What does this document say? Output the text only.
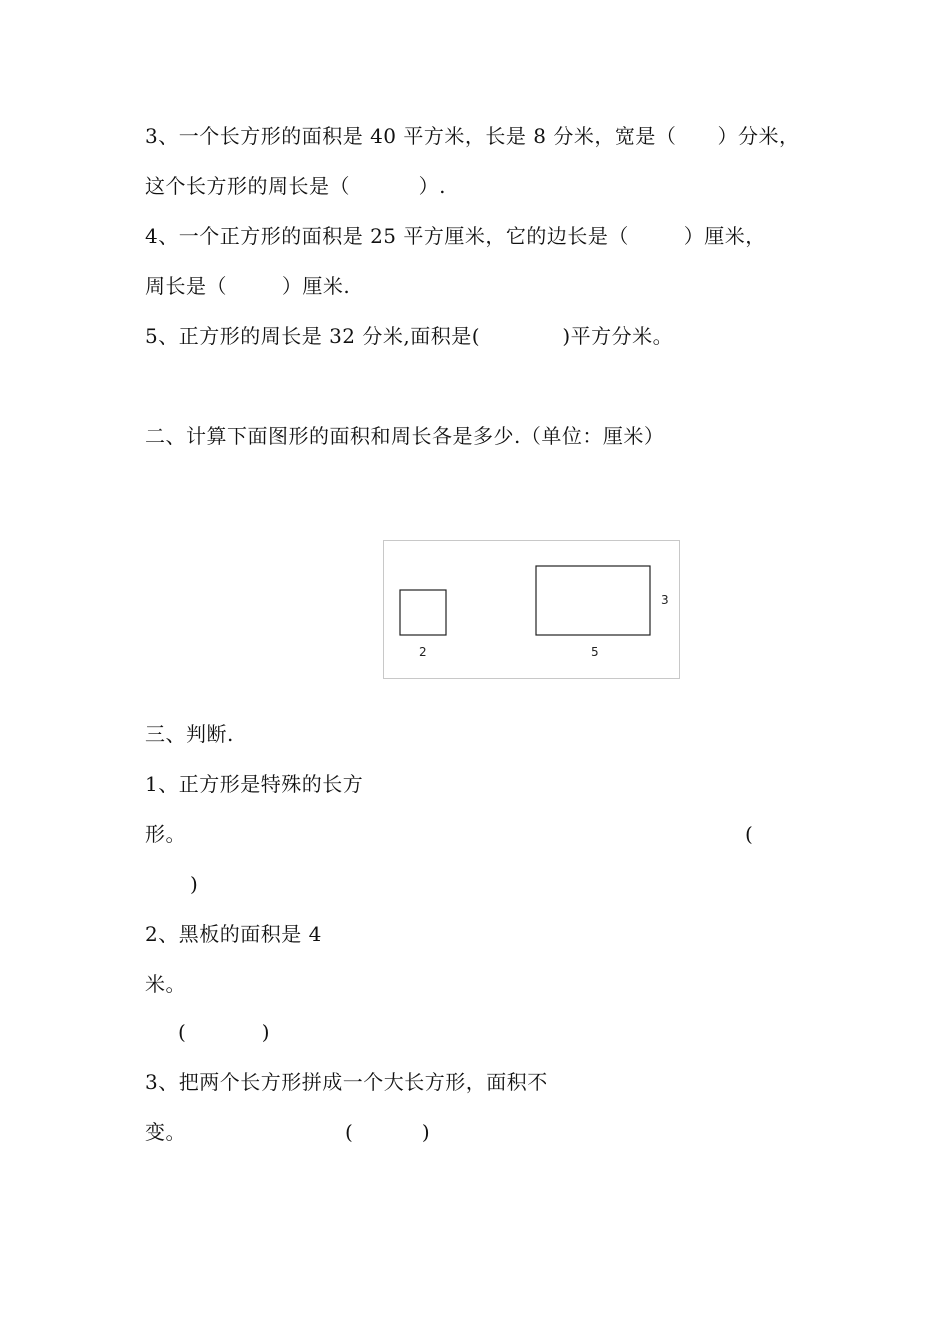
3、一个长方形的面积是 40 平方米，长是 8 分米，宽是（      ）分米，
这个长方形的周长是（          ）.
4、一个正方形的面积是 25 平方厘米，它的边长是（        ）厘米，
周长是（        ）厘米.
5、正方形的周长是 32 分米,面积是(            )平方分米。
二、计算下面图形的面积和周长各是多少.（单位：厘米）
2	5
3
三、判断.
1、正方形是特殊的长方
形。	(
)
2、黑板的面积是 4
米。
(           )
3、把两个长方形拼成一个大长方形，面积不
变。	(          )
